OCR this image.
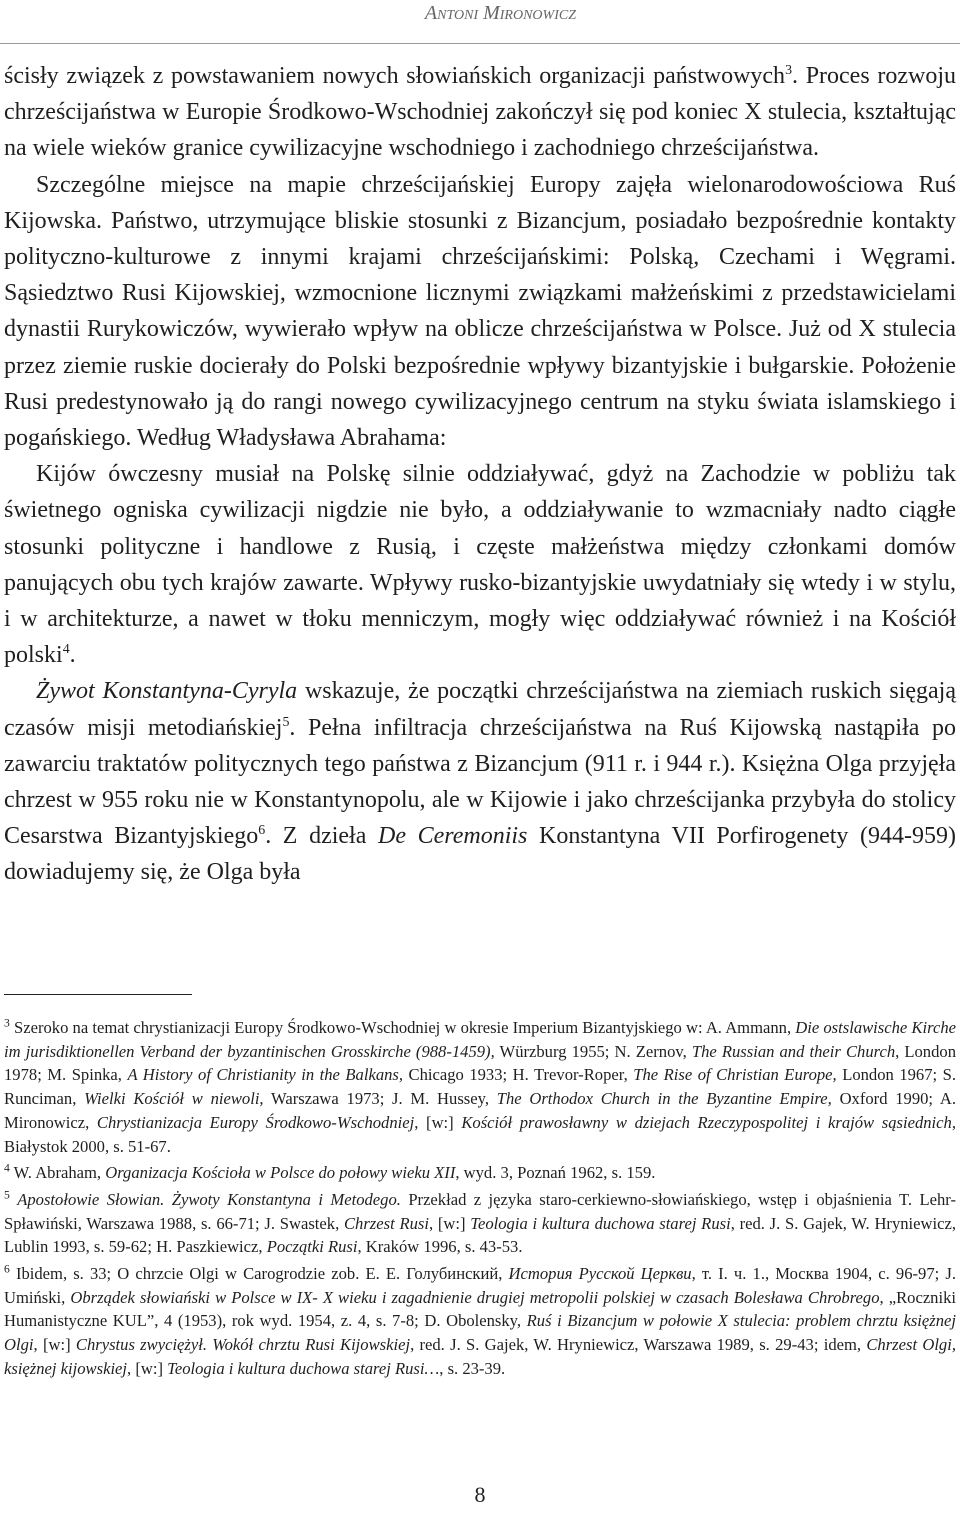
Antoni Mironowicz

ścisły związek z powstawaniem nowych słowiańskich organizacji państwowych$^3$. Proces rozwoju chrześcijaństwa w Europie Środkowo-Wschodniej zakończył się pod koniec X stulecia, kształtując na wiele wieków granice cywilizacyjne wschodniego i zachodniego chrześcijaństwa.

Szczególne miejsce na mapie chrześcijańskiej Europy zajęła wielonarodowościowa Ruś Kijowska. Państwo, utrzymujące bliskie stosunki z Bizancjum, posiadało bezpośrednie kontakty polityczno-kulturowe z innymi krajami chrześcijańskimi: Polską, Czechami i Węgrami. Sąsiedztwo Rusi Kijowskiej, wzmocnione licznymi związkami małżeńskimi z przedstawicielami dynastii Rurykowiczów, wywierało wpływ na oblicze chrześcijaństwa w Polsce. Już od X stulecia przez ziemie ruskie docierały do Polski bezpośrednie wpływy bizantyjskie i bułgarskie. Położenie Rusi predestynowało ją do rangi nowego cywilizacyjnego centrum na styku świata islamskiego i pogańskiego. Według Władysława Abrahama:

Kijów ówczesny musiał na Polskę silnie oddziaływać, gdyż na Zachodzie w pobliżu tak świetnego ogniska cywilizacji nigdzie nie było, a oddziaływanie to wzmacniały nadto ciągłe stosunki polityczne i handlowe z Rusią, i częste małżeństwa między członkami domów panujących obu tych krajów zawarte. Wpływy rusko-bizantyjskie uwydatniały się wtedy i w stylu, i w architekturze, a nawet w tłoku menniczym, mogły więc oddziaływać również i na Kościół polski$^4$.

Żywot Konstantyna-Cyryla wskazuje, że początki chrześcijaństwa na ziemiach ruskich sięgają czasów misji metodiańskiej$^5$. Pełna infiltracja chrześcijaństwa na Ruś Kijowską nastąpiła po zawarciu traktatów politycznych tego państwa z Bizancjum (911 r. i 944 r.). Księżna Olga przyjęła chrzest w 955 roku nie w Konstantynopolu, ale w Kijowie i jako chrześcijanka przybyła do stolicy Cesarstwa Bizantyjskiego$^6$. Z dzieła De Ceremoniis Konstantyna VII Porfirogenety (944-959) dowiadujemy się, że Olga była

$^3$ Szeroko na temat chrystianizacji Europy Środkowo-Wschodniej w okresie Imperium Bizantyjskiego w: A. Ammann, Die ostslawische Kirche im jurisdiktionellen Verband der byzantinischen Grosskirche (988-1459), Würzburg 1955; N. Zernov, The Russian and their Church, London 1978; M. Spinka, A History of Christianity in the Balkans, Chicago 1933; H. Trevor-Roper, The Rise of Christian Europe, London 1967; S. Runciman, Wielki Kościół w niewoli, Warszawa 1973; J. M. Hussey, The Orthodox Church in the Byzantine Empire, Oxford 1990; A. Mironowicz, Chrystianizacja Europy Środkowo-Wschodniej, [w:] Kościół prawosławny w dziejach Rzeczypospolitej i krajów sąsiednich, Białystok 2000, s. 51-67.

$^4$ W. Abraham, Organizacja Kościoła w Polsce do połowy wieku XII, wyd. 3, Poznań 1962, s. 159.

$^5$ Apostołowie Słowian. Żywoty Konstantyna i Metodego. Przekład z języka staro-cerkiewno-słowiańskiego, wstęp i objaśnienia T. Lehr-Spławiński, Warszawa 1988, s. 66-71; J. Swastek, Chrzest Rusi, [w:] Teologia i kultura duchowa starej Rusi, red. J. S. Gajek, W. Hryniewicz, Lublin 1993, s. 59-62; H. Paszkiewicz, Początki Rusi, Kraków 1996, s. 43-53.

$^6$ Ibidem, s. 33; O chrzcie Olgi w Carogrodzie zob. Е. Е. Голубинский, История Русской Церкви, т. I. ч. 1., Москва 1904, с. 96-97; J. Umiński, Obrządek słowiański w Polsce w IX- X wieku i zagadnienie drugiej metropolii polskiej w czasach Bolesława Chrobrego, „Roczniki Humanistyczne KUL”, 4 (1953), rok wyd. 1954, z. 4, s. 7-8; D. Obolensky, Ruś i Bizancjum w połowie X stulecia: problem chrztu księżnej Olgi, [w:] Chrystus zwyciężył. Wokół chrztu Rusi Kijowskiej, red. J. S. Gajek, W. Hryniewicz, Warszawa 1989, s. 29-43; idem, Chrzest Olgi, księżnej kijowskiej, [w:] Teologia i kultura duchowa starej Rusi…, s. 23-39.

8
